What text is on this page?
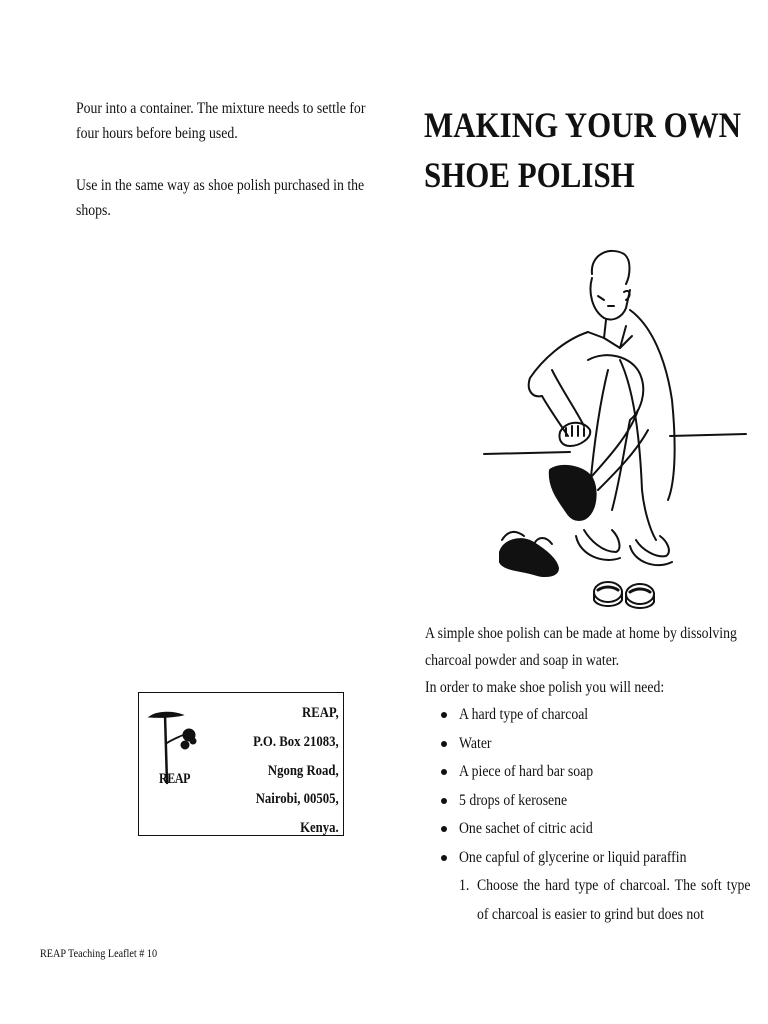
Pour into a container. The mixture needs to settle for four hours before being used.

Use in the same way as shoe polish purchased in the shops.

MAKING YOUR OWN
SHOE POLISH

A simple shoe polish can be made at home by dissolving charcoal powder and soap in water.
In order to make shoe polish you will need:

A hard type of charcoal
Water
A piece of hard bar soap
5 drops of kerosene
One sachet of citric acid
One capful of glycerine or liquid paraffin
1. Choose the hard type of charcoal. The soft type of charcoal is easier to grind but does not
REAP
REAP,
P.O. Box 21083,
Ngong Road,
Nairobi, 00505,
Kenya.
REAP Teaching Leaflet # 10
